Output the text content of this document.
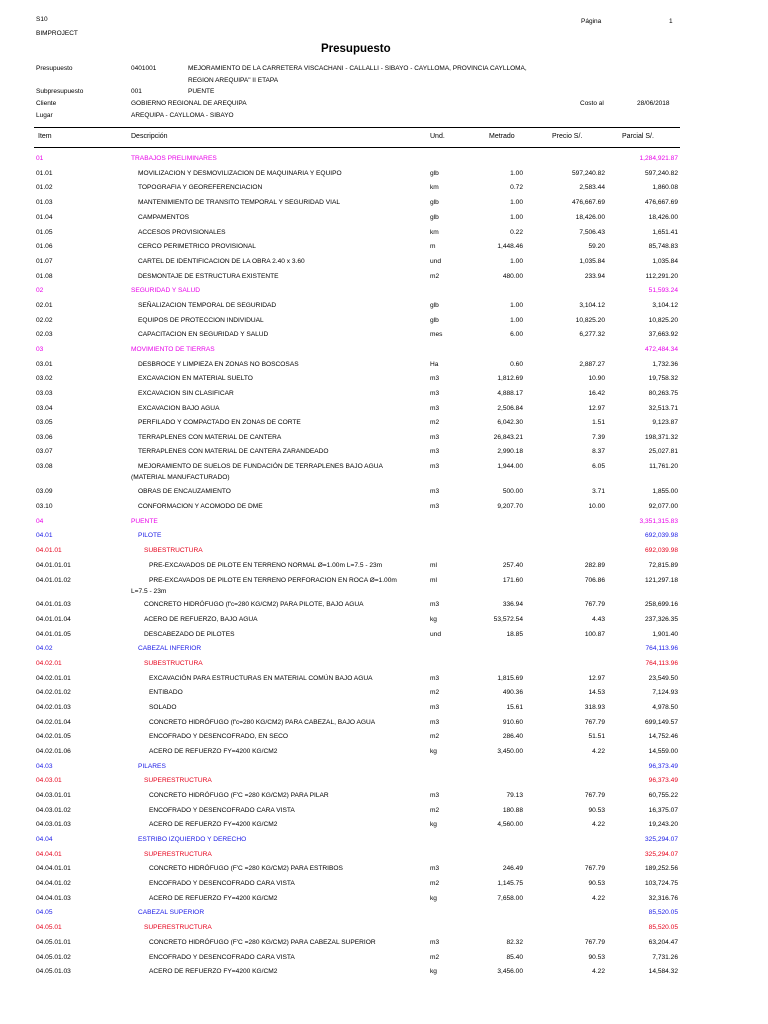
S10
BIMPROJECT
Página	1
Presupuesto
Presupuesto	0401001	MEJORAMIENTO DE LA CARRETERA VISCACHANI - CALLALLI - SIBAYO - CAYLLOMA, PROVINCIA CAYLLOMA,
REGION AREQUIPA" II ETAPA
Subpresupuesto	001	PUENTE
Cliente	GOBIERNO REGIONAL DE AREQUIPA	Costo al	28/06/2018
Lugar	AREQUIPA - CAYLLOMA - SIBAYO
Item	Descripción	Und.	Metrado	Precio S/.	Parcial S/.
01	TRABAJOS PRELIMINARES	1,284,921.87
01.01	MOVILIZACION Y DESMOVILIZACION DE MAQUINARIA Y EQUIPO	glb	1.00	597,240.82	597,240.82
01.02	TOPOGRAFIA Y GEOREFERENCIACION	km	0.72	2,583.44	1,860.08
01.03	MANTENIMIENTO DE TRANSITO TEMPORAL Y SEGURIDAD VIAL	glb	1.00	476,667.69	476,667.69
01.04	CAMPAMENTOS	glb	1.00	18,426.00	18,426.00
01.05	ACCESOS PROVISIONALES	km	0.22	7,506.43	1,651.41
01.06	CERCO PERIMETRICO PROVISIONAL	m	1,448.46	59.20	85,748.83
01.07	CARTEL DE IDENTIFICACION DE LA OBRA 2.40 x 3.60	und	1.00	1,035.84	1,035.84
01.08	DESMONTAJE DE ESTRUCTURA EXISTENTE	m2	480.00	233.94	112,291.20
02	SEGURIDAD Y SALUD	51,593.24
02.01	SEÑALIZACION TEMPORAL DE SEGURIDAD	glb	1.00	3,104.12	3,104.12
02.02	EQUIPOS DE PROTECCION INDIVIDUAL	glb	1.00	10,825.20	10,825.20
02.03	CAPACITACION EN SEGURIDAD Y SALUD	mes	6.00	6,277.32	37,663.92
03	MOVIMIENTO DE TIERRAS	472,484.34
03.01	DESBROCE Y LIMPIEZA EN ZONAS NO BOSCOSAS	Ha	0.60	2,887.27	1,732.36
03.02	EXCAVACION EN MATERIAL SUELTO	m3	1,812.69	10.90	19,758.32
03.03	EXCAVACION SIN CLASIFICAR	m3	4,888.17	16.42	80,263.75
03.04	EXCAVACION BAJO AGUA	m3	2,506.84	12.97	32,513.71
03.05	PERFILADO Y COMPACTADO EN ZONAS DE CORTE	m2	6,042.30	1.51	9,123.87
03.06	TERRAPLENES CON MATERIAL DE CANTERA	m3	26,843.21	7.39	198,371.32
03.07	TERRAPLENES CON MATERIAL DE CANTERA ZARANDEADO	m3	2,990.18	8.37	25,027.81
03.08	MEJORAMIENTO DE SUELOS DE FUNDACIÓN DE TERRAPLENES BAJO AGUA
(MATERIAL MANUFACTURADO)
m3	1,944.00	6.05	11,761.20
03.09	OBRAS DE ENCAUZAMIENTO	m3	500.00	3.71	1,855.00
03.10	CONFORMACION Y ACOMODO DE DME	m3	9,207.70	10.00	92,077.00
04	PUENTE	3,351,315.83
04.01	PILOTE	692,039.98
04.01.01	SUBESTRUCTURA	692,039.98
04.01.01.01	PRE-EXCAVADOS DE PILOTE EN TERRENO NORMAL Ø=1.00m L=7.5 - 23m	ml	257.40	282.89	72,815.89
04.01.01.02	PRE-EXCAVADOS DE PILOTE EN TERRENO PERFORACION EN ROCA Ø=1.00m
L=7.5 - 23m
ml	171.60	706.86	121,297.18
04.01.01.03	CONCRETO HIDRÓFUGO (f'c=280 KG/CM2) PARA PILOTE, BAJO AGUA	m3	336.94	767.79	258,699.16
04.01.01.04	ACERO DE REFUERZO, BAJO AGUA	kg	53,572.54	4.43	237,326.35
04.01.01.05	DESCABEZADO DE PILOTES	und	18.85	100.87	1,901.40
04.02	CABEZAL INFERIOR	764,113.96
04.02.01	SUBESTRUCTURA	764,113.96
04.02.01.01	EXCAVACIÓN PARA ESTRUCTURAS EN MATERIAL COMÚN BAJO AGUA	m3	1,815.69	12.97	23,549.50
04.02.01.02	ENTIBADO	m2	490.36	14.53	7,124.93
04.02.01.03	SOLADO	m3	15.61	318.93	4,978.50
04.02.01.04	CONCRETO HIDRÓFUGO (f'c=280 KG/CM2) PARA CABEZAL, BAJO AGUA	m3	910.60	767.79	699,149.57
04.02.01.05	ENCOFRADO Y DESENCOFRADO, EN SECO	m2	286.40	51.51	14,752.46
04.02.01.06	ACERO DE REFUERZO FY=4200 KG/CM2	kg	3,450.00	4.22	14,559.00
04.03	PILARES	96,373.49
04.03.01	SUPERESTRUCTURA	96,373.49
04.03.01.01	CONCRETO HIDRÓFUGO (F'C =280 KG/CM2) PARA PILAR	m3	79.13	767.79	60,755.22
04.03.01.02	ENCOFRADO Y DESENCOFRADO CARA VISTA	m2	180.88	90.53	16,375.07
04.03.01.03	ACERO DE REFUERZO FY=4200 KG/CM2	kg	4,560.00	4.22	19,243.20
04.04	ESTRIBO IZQUIERDO Y DERECHO	325,294.07
04.04.01	SUPERESTRUCTURA	325,294.07
04.04.01.01	CONCRETO HIDRÓFUGO (F'C =280 KG/CM2) PARA ESTRIBOS	m3	246.49	767.79	189,252.56
04.04.01.02	ENCOFRADO Y DESENCOFRADO CARA VISTA	m2	1,145.75	90.53	103,724.75
04.04.01.03	ACERO DE REFUERZO FY=4200 KG/CM2	kg	7,658.00	4.22	32,316.76
04.05	CABEZAL SUPERIOR	85,520.05
04.05.01	SUPERESTRUCTURA	85,520.05
04.05.01.01	CONCRETO HIDRÓFUGO (F'C =280 KG/CM2) PARA CABEZAL SUPERIOR	m3	82.32	767.79	63,204.47
04.05.01.02	ENCOFRADO Y DESENCOFRADO CARA VISTA	m2	85.40	90.53	7,731.26
04.05.01.03	ACERO DE REFUERZO FY=4200 KG/CM2	kg	3,456.00	4.22	14,584.32
